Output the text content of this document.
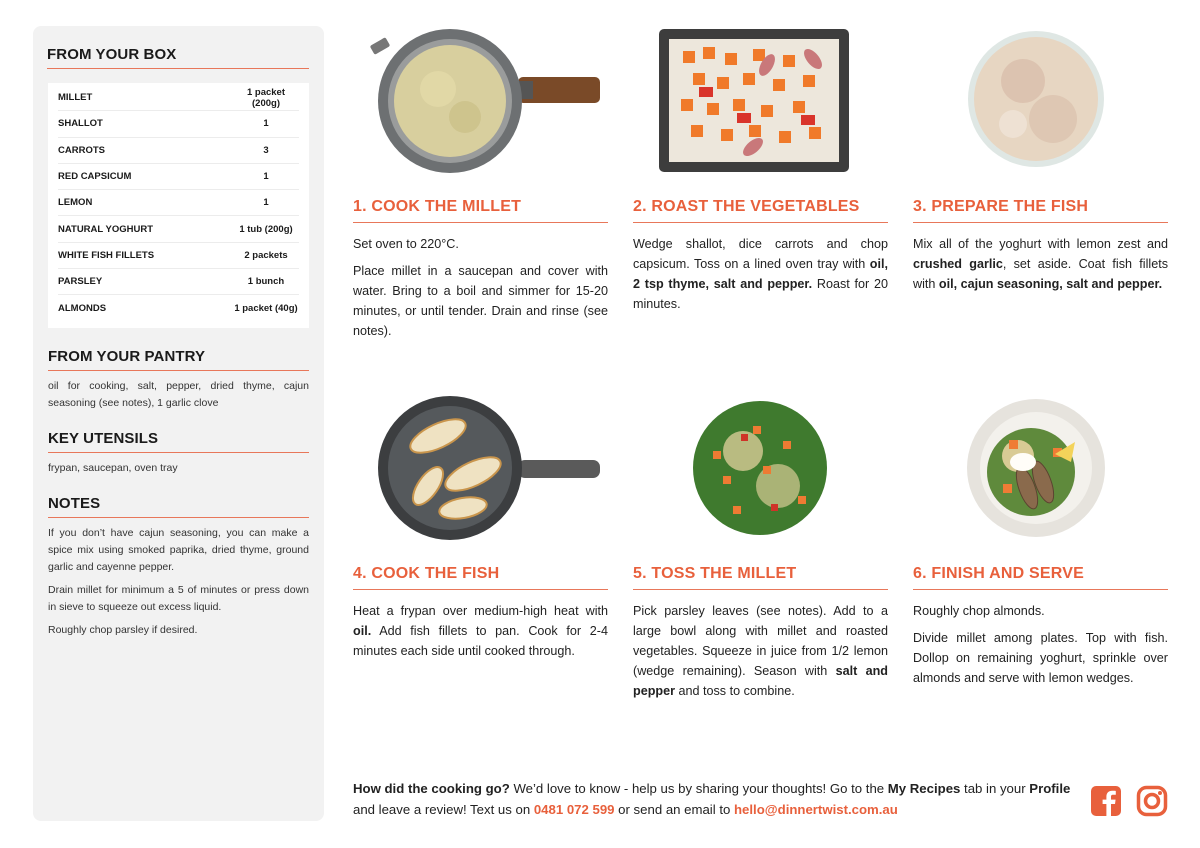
FROM YOUR BOX
MILLET	1 packet (200g)
SHALLOT	1
CARROTS	3
RED CAPSICUM	1
LEMON	1
NATURAL YOGHURT	1 tub (200g)
WHITE FISH FILLETS	2 packets
PARSLEY	1 bunch
ALMONDS	1 packet (40g)
FROM YOUR PANTRY
oil for cooking, salt, pepper, dried thyme, cajun seasoning (see notes), 1 garlic clove
KEY UTENSILS
frypan, saucepan, oven tray
NOTES

If you don’t have cajun seasoning, you can make a spice mix using smoked paprika, dried thyme, ground garlic and cayenne pepper.

Drain millet for minimum a 5 of minutes or press down in sieve to squeeze out excess liquid.

Roughly chop parsley if desired.

1. COOK THE MILLET

Set oven to 220°C.

Place millet in a saucepan and cover with water. Bring to a boil and simmer for 15-20 minutes, or until tender. Drain and rinse (see notes).

2. ROAST THE VEGETABLES

Wedge shallot, dice carrots and chop capsicum. Toss on a lined oven tray with oil, 2 tsp thyme, salt and pepper. Roast for 20 minutes.

3. PREPARE THE FISH

Mix all of the yoghurt with lemon zest and crushed garlic, set aside. Coat fish fillets with oil, cajun seasoning, salt and pepper.

4. COOK THE FISH

Heat a frypan over medium-high heat with oil. Add fish fillets to pan. Cook for 2-4 minutes each side until cooked through.

5. TOSS THE MILLET

Pick parsley leaves (see notes). Add to a large bowl along with millet and roasted vegetables. Squeeze in juice from 1/2 lemon (wedge remaining). Season with salt and pepper and toss to combine.

6. FINISH AND SERVE

Roughly chop almonds.

Divide millet among plates. Top with fish. Dollop on remaining yoghurt, sprinkle over almonds and serve with lemon wedges.

How did the cooking go? We’d love to know - help us by sharing your thoughts! Go to the My Recipes tab in your Profile and leave a review! Text us on 0481 072 599 or send an email to hello@dinnertwist.com.au
